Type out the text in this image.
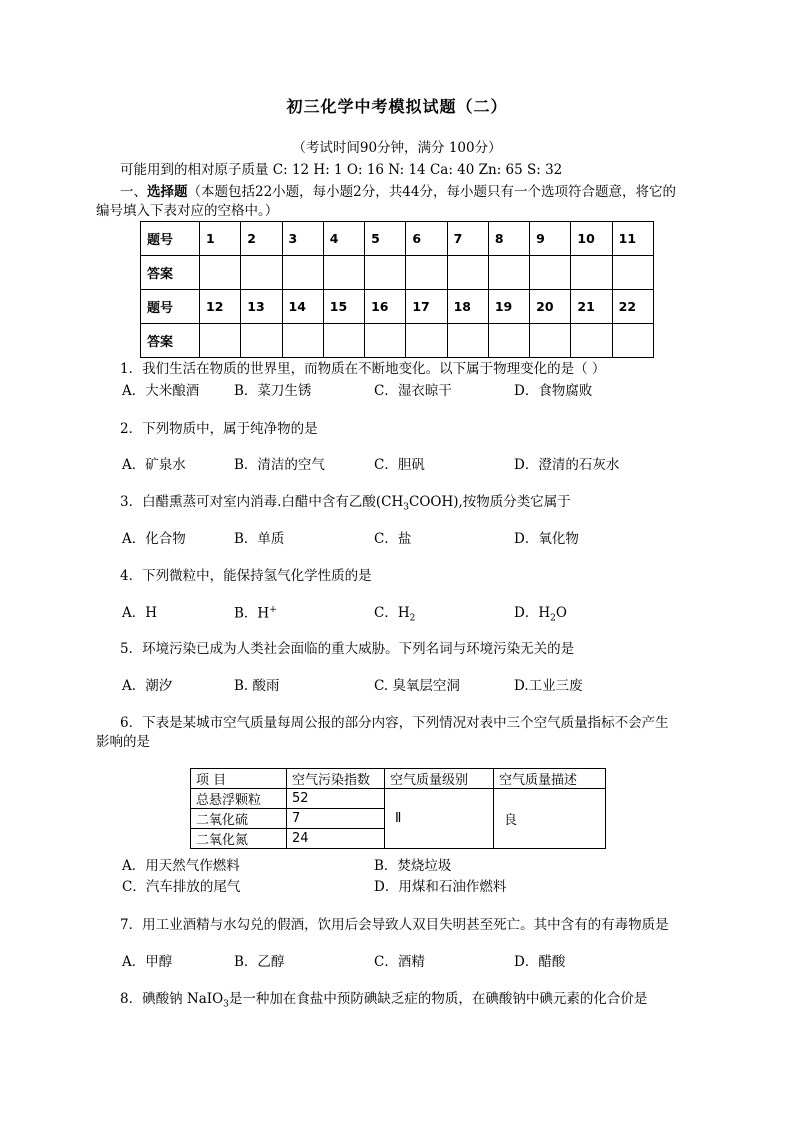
初三化学中考模拟试题（二）
（考试时间90分钟，满分 100分）
可能用到的相对原子质量 C: 12 H: 1 O: 16 N: 14 Ca: 40 Zn: 65 S: 32
一、选择题（本题包括22小题，每小题2分，共44分，每小题只有一个选项符合题意，将它的
编号填入下表对应的空格中。）
题号	1	2	3	4	5	6	7	8	9	10	11
答案											
题号	12	13	14	15	16	17	18	19	20	21	22
答案											
1．我们生活在物质的世界里，而物质在不断地变化。以下属于物理变化的是（ ）
A．大米酿酒	B．菜刀生锈	C．湿衣晾干	D．食物腐败
2．下列物质中，属于纯净物的是
A．矿泉水	B．清洁的空气	C．胆矾	D．澄清的石灰水
3．白醋熏蒸可对室内消毒.白醋中含有乙酸$(CH_3COOH)$,按物质分类它属于
A．化合物	B．单质	C．盐	D．氧化物
4．下列微粒中，能保持氢气化学性质的是
A．H	B．H+	C．$H_2$	D．$H_2O$
5．环境污染已成为人类社会面临的重大威胁。下列名词与环境污染无关的是
A．潮汐	B. 酸雨	C. 臭氧层空洞	D.工业三废
6．下表是某城市空气质量每周公报的部分内容，下列情况对表中三个空气质量指标不会产生
影响的是
项 目	空气污染指数	空气质量级别	空气质量描述
总悬浮颗粒	52	Ⅱ	良
二氧化硫	7		
二氧化氮	24		
A．用天然气作燃料	B．焚烧垃圾
C．汽车排放的尾气	D．用煤和石油作燃料
7．用工业酒精与水勾兑的假酒，饮用后会导致人双目失明甚至死亡。其中含有的有毒物质是
A．甲醇	B．乙醇	C．酒精	D．醋酸
8．碘酸钠 NaIO$_3$是一种加在食盐中预防碘缺乏症的物质，在碘酸钠中碘元素的化合价是
